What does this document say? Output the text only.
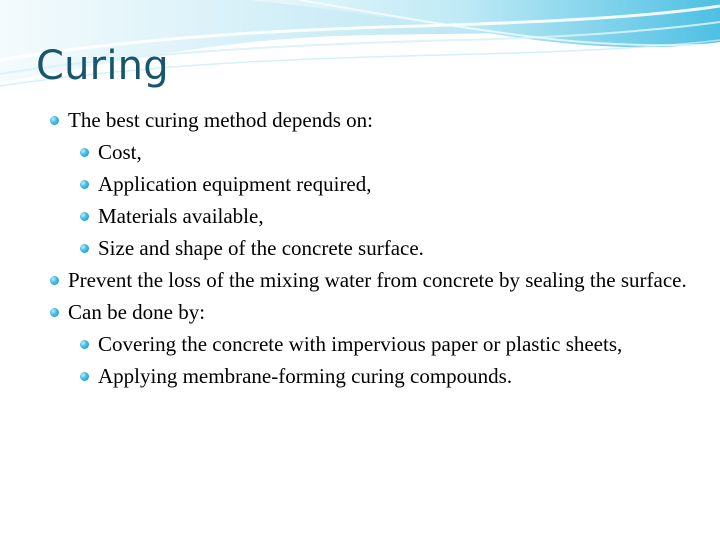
Curing

The best curing method depends on:

Cost,

Application equipment required,

Materials available,

Size and shape of the concrete surface.

Prevent the loss of the mixing water from concrete by sealing the surface.

Can be done by:

Covering the concrete with impervious paper or plastic sheets,

Applying membrane-forming curing compounds.
